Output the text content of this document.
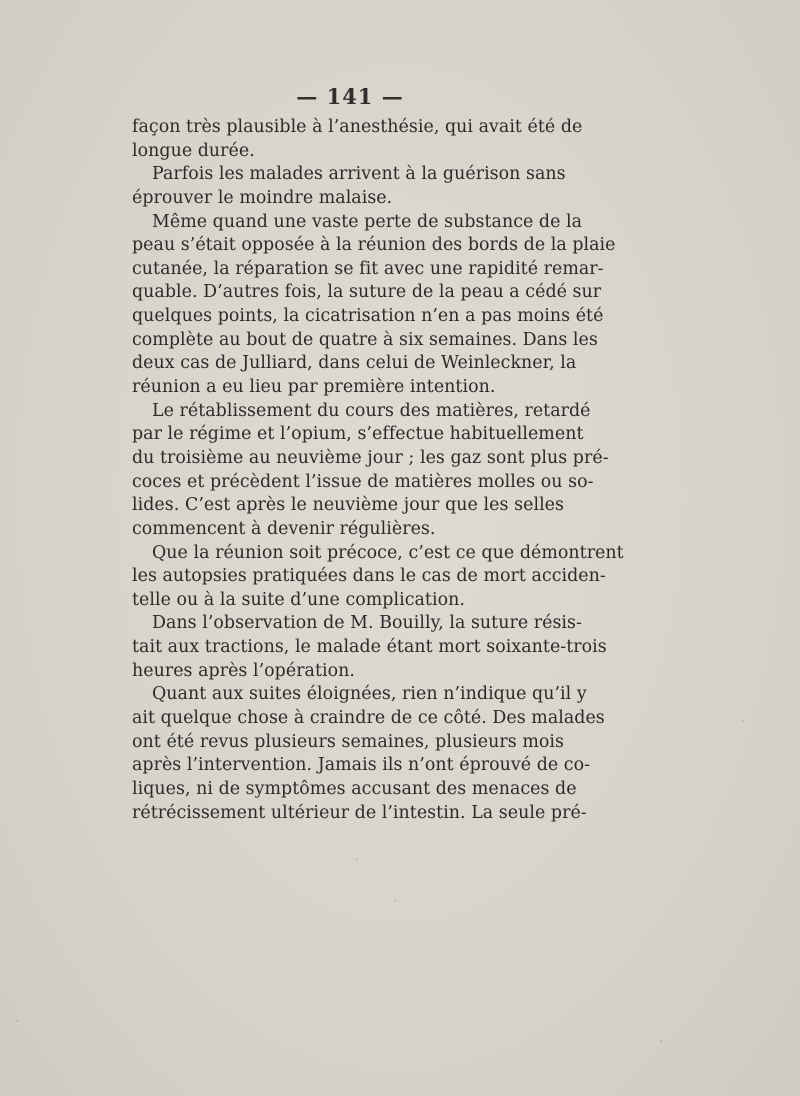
— 141 —
façon très plausible à l’anesthésie, qui avait été de
longue durée.
Parfois les malades arrivent à la guérison sans
éprouver le moindre malaise.
Même quand une vaste perte de substance de la
peau s’était opposée à la réunion des bords de la plaie
cutanée, la réparation se fit avec une rapidité remar-
quable. D’autres fois, la suture de la peau a cédé sur
quelques points, la cicatrisation n’en a pas moins été
complète au bout de quatre à six semaines. Dans les
deux cas de Julliard, dans celui de Weinleckner, la
réunion a eu lieu par première intention.
Le rétablissement du cours des matières, retardé
par le régime et l’opium, s’effectue habituellement
du troisième au neuvième jour ; les gaz sont plus pré-
coces et précèdent l’issue de matières molles ou so-
lides. C’est après le neuvième jour que les selles
commencent à devenir régulières.
Que la réunion soit précoce, c’est ce que démontrent
les autopsies pratiquées dans le cas de mort acciden-
telle ou à la suite d’une complication.
Dans l’observation de M. Bouilly, la suture résis-
tait aux tractions, le malade étant mort soixante-trois
heures après l’opération.
Quant aux suites éloignées, rien n’indique qu’il y
ait quelque chose à craindre de ce côté. Des malades
ont été revus plusieurs semaines, plusieurs mois
après l’intervention. Jamais ils n’ont éprouvé de co-
liques, ni de symptômes accusant des menaces de
rétrécissement ultérieur de l’intestin. La seule pré-
